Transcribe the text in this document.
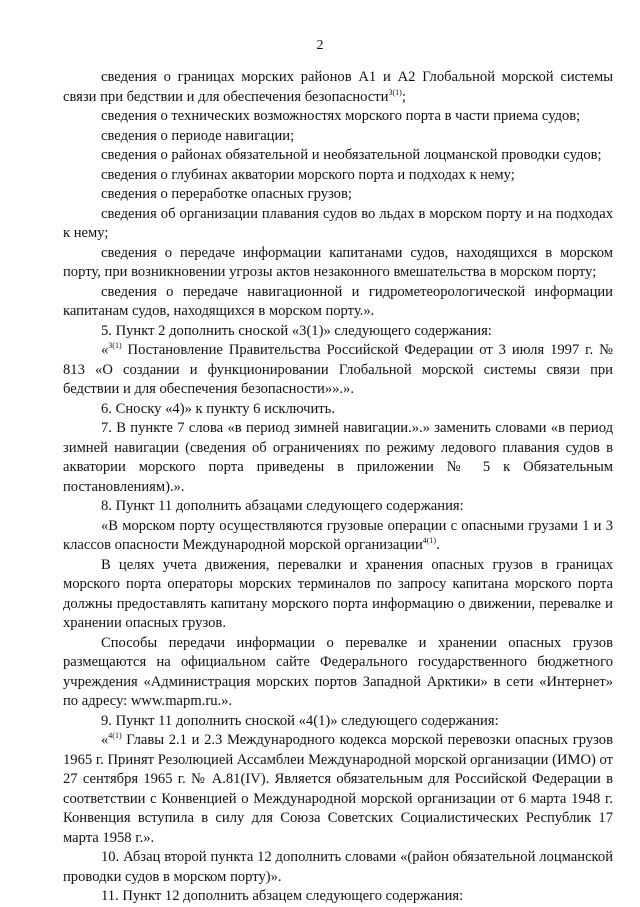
2

сведения о границах морских районов А1 и А2 Глобальной морской системы связи при бедствии и для обеспечения безопасности$^{3(1)}$;

сведения о технических возможностях морского порта в части приема судов;

сведения о периоде навигации;

сведения о районах обязательной и необязательной лоцманской проводки судов;

сведения о глубинах акватории морского порта и подходах к нему;

сведения о переработке опасных грузов;

сведения об организации плавания судов во льдах в морском порту и на подходах к нему;

сведения о передаче информации капитанами судов, находящихся в морском порту, при возникновении угрозы актов незаконного вмешательства в морском порту;

сведения о передаче навигационной и гидрометеорологической информации капитанам судов, находящихся в морском порту.».

5. Пункт 2 дополнить сноской «3(1)» следующего содержания:

«$^{3(1)}$ Постановление Правительства Российской Федерации от 3 июля 1997 г. № 813 «О создании и функционировании Глобальной морской системы связи при бедствии и для обеспечения безопасности»».».

6. Сноску «4)» к пункту 6 исключить.

7. В пункте 7 слова «в период зимней навигации.».» заменить словами «в период зимней навигации (сведения об ограничениях по режиму ледового плавания судов в акватории морского порта приведены в приложении № 5 к Обязательным постановлениям).».

8. Пункт 11 дополнить абзацами следующего содержания:

«В морском порту осуществляются грузовые операции с опасными грузами 1 и 3 классов опасности Международной морской организации$^{4(1)}$.

В целях учета движения, перевалки и хранения опасных грузов в границах морского порта операторы морских терминалов по запросу капитана морского порта должны предоставлять капитану морского порта информацию о движении, перевалке и хранении опасных грузов.

Способы передачи информации о перевалке и хранении опасных грузов размещаются на официальном сайте Федерального государственного бюджетного учреждения «Администрация морских портов Западной Арктики» в сети «Интернет» по адресу: www.mapm.ru.».

9. Пункт 11 дополнить сноской «4(1)» следующего содержания:

«$^{4(1)}$ Главы 2.1 и 2.3 Международного кодекса морской перевозки опасных грузов 1965 г. Принят Резолюцией Ассамблеи Международной морской организации (ИМО) от 27 сентября 1965 г. № А.81(IV). Является обязательным для Российской Федерации в соответствии с Конвенцией о Международной морской организации от 6 марта 1948 г. Конвенция вступила в силу для Союза Советских Социалистических Республик 17 марта 1958 г.».

10. Абзац второй пункта 12 дополнить словами «(район обязательной лоцманской проводки судов в морском порту)».

11. Пункт 12 дополнить абзацем следующего содержания:
